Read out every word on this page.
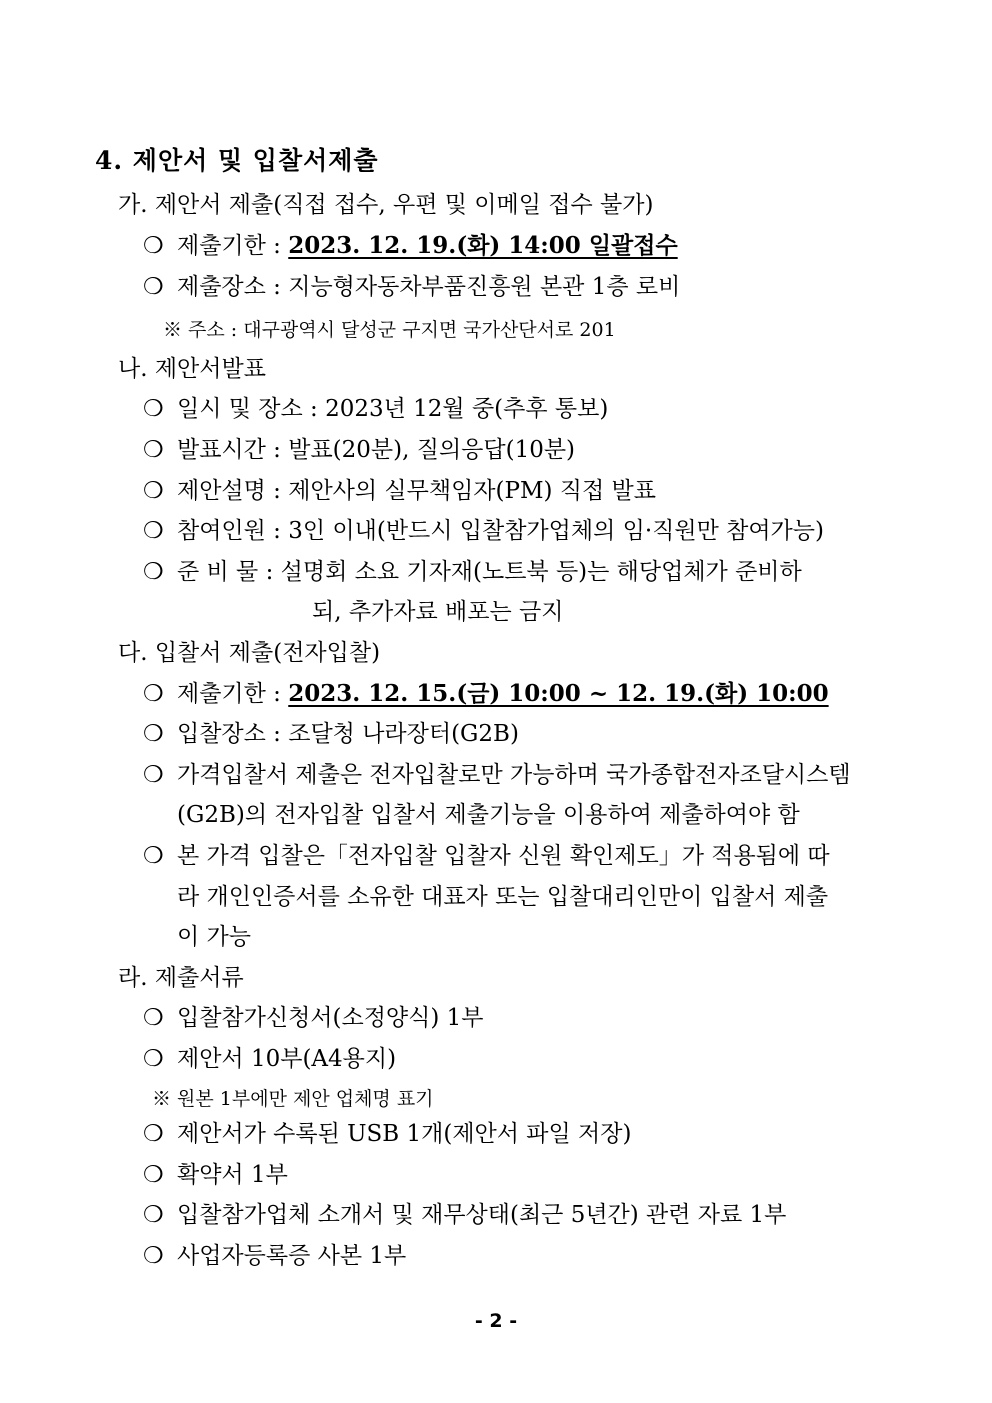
4. 제안서 및 입찰서제출
가. 제안서 제출(직접 접수, 우편 및 이메일 접수 불가)
❍ 제출기한 : 2023. 12. 19.(화) 14:00 일괄접수
❍ 제출장소 : 지능형자동차부품진흥원 본관 1층 로비
※ 주소 : 대구광역시 달성군 구지면 국가산단서로 201
나. 제안서발표
❍ 일시 및 장소 : 2023년 12월 중(추후 통보)
❍ 발표시간 : 발표(20분), 질의응답(10분)
❍ 제안설명 : 제안사의 실무책임자(PM) 직접 발표
❍ 참여인원 : 3인 이내(반드시 입찰참가업체의 임·직원만 참여가능)
❍ 준 비 물 : 설명회 소요 기자재(노트북 등)는 해당업체가 준비하
되, 추가자료 배포는 금지
다. 입찰서 제출(전자입찰)
❍ 제출기한 : 2023. 12. 15.(금) 10:00 ~ 12. 19.(화) 10:00
❍ 입찰장소 : 조달청 나라장터(G2B)
❍ 가격입찰서 제출은 전자입찰로만 가능하며 국가종합전자조달시스템
(G2B)의 전자입찰 입찰서 제출기능을 이용하여 제출하여야 함
❍ 본 가격 입찰은「전자입찰 입찰자 신원 확인제도」가 적용됨에 따
라 개인인증서를 소유한 대표자 또는 입찰대리인만이 입찰서 제출
이 가능
라. 제출서류
❍ 입찰참가신청서(소정양식) 1부
❍ 제안서 10부(A4용지)
※ 원본 1부에만 제안 업체명 표기
❍ 제안서가 수록된 USB 1개(제안서 파일 저장)
❍ 확약서 1부
❍ 입찰참가업체 소개서 및 재무상태(최근 5년간) 관련 자료 1부
❍ 사업자등록증 사본 1부
- 2 -
